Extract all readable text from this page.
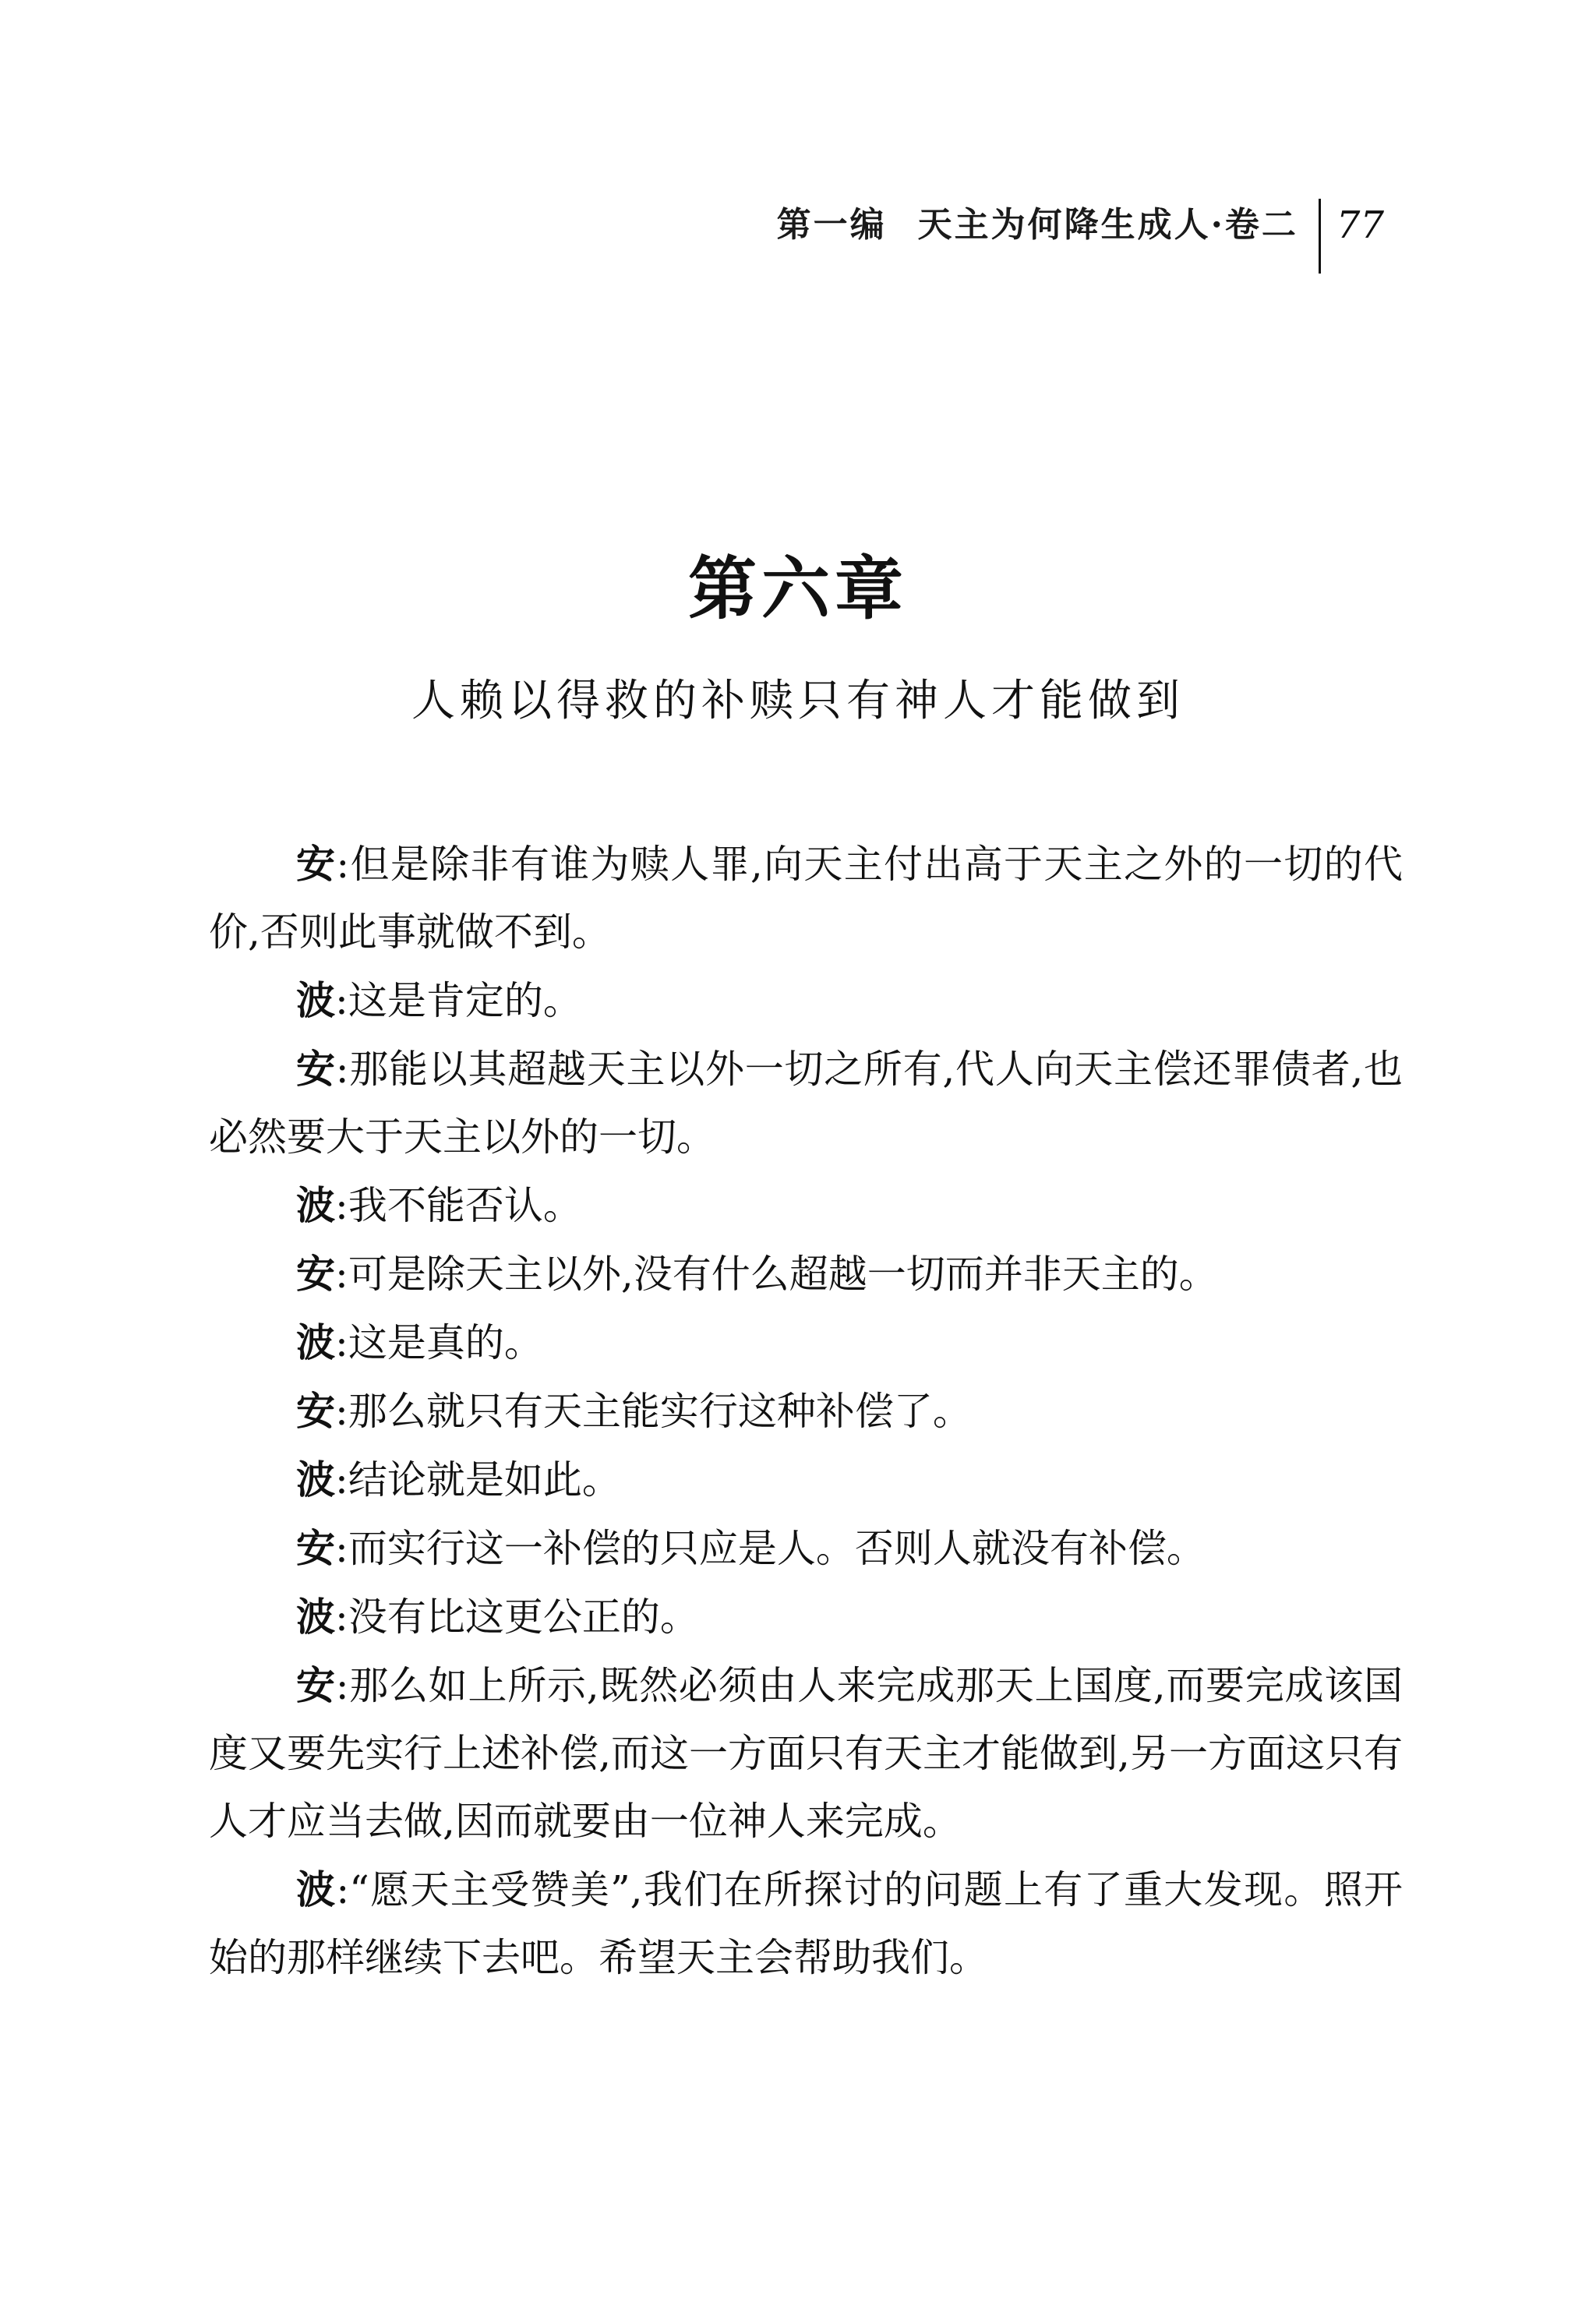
第一编 天主为何降生成人·卷二 77
第六章
人赖以得救的补赎只有神人才能做到

安:但是除非有谁为赎人罪,向天主付出高于天主之外的一切的代价,否则此事就做不到。

波:这是肯定的。

安:那能以其超越天主以外一切之所有,代人向天主偿还罪债者,也必然要大于天主以外的一切。

波:我不能否认。

安:可是除天主以外,没有什么超越一切而并非天主的。

波:这是真的。

安:那么就只有天主能实行这种补偿了。

波:结论就是如此。

安:而实行这一补偿的只应是人。否则人就没有补偿。

波:没有比这更公正的。

安:那么如上所示,既然必须由人来完成那天上国度,而要完成该国度又要先实行上述补偿,而这一方面只有天主才能做到,另一方面这只有人才应当去做,因而就要由一位神人来完成。

波:“愿天主受赞美”,我们在所探讨的问题上有了重大发现。照开始的那样继续下去吧。希望天主会帮助我们。
